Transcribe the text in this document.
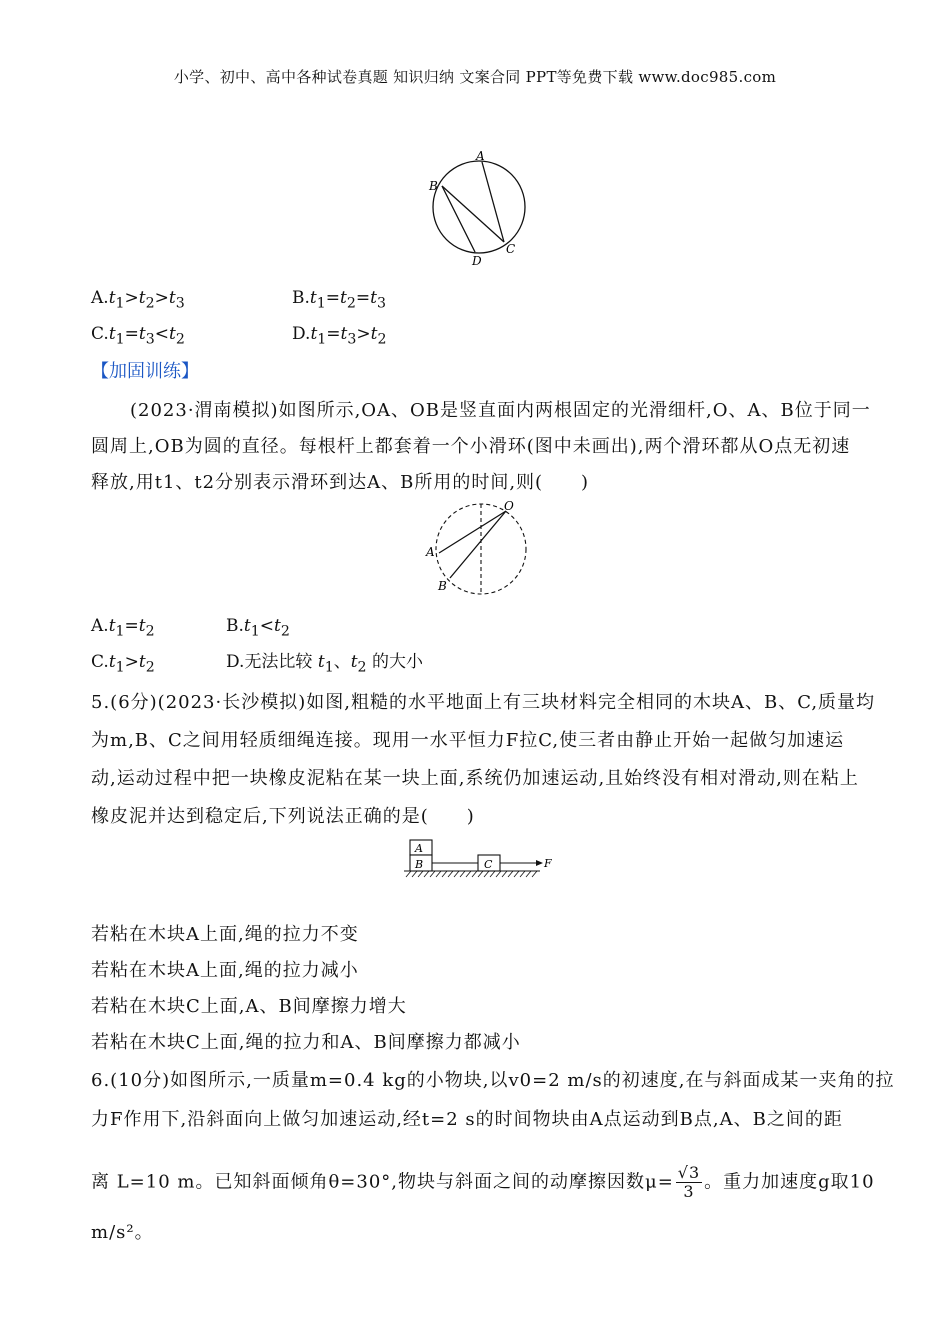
小学、初中、高中各种试卷真题 知识归纳 文案合同 PPT等免费下载 www.doc985.com
A
B
C
D
$A.t_1>t_2>t_3$	$B.t_1=t_2=t_3$
$C.t_1=t_3<t_2$	$D.t_1=t_3>t_2$
【加固训练】
(2023·渭南模拟)如图所示,OA、OB是竖直面内两根固定的光滑细杆,O、A、B位于同一
圆周上,OB为圆的直径。每根杆上都套着一个小滑环(图中未画出),两个滑环都从O点无初速
释放,用t1、t2分别表示滑环到达A、B所用的时间,则(　　)
O
A
B
$A.t_1=t_2$	$B.t_1<t_2$
$C.t_1>t_2$	D.无法比较 $t_1$、$t_2$ 的大小
5.(6分)(2023·长沙模拟)如图,粗糙的水平地面上有三块材料完全相同的木块A、B、C,质量均
为m,B、C之间用轻质细绳连接。现用一水平恒力F拉C,使三者由静止开始一起做匀加速运
动,运动过程中把一块橡皮泥粘在某一块上面,系统仍加速运动,且始终没有相对滑动,则在粘上
橡皮泥并达到稳定后,下列说法正确的是(　　)
A
B	C	F
若粘在木块A上面,绳的拉力不变
若粘在木块A上面,绳的拉力减小
若粘在木块C上面,A、B间摩擦力增大
若粘在木块C上面,绳的拉力和A、B间摩擦力都减小
6.(10分)如图所示,一质量m=0.4 kg的小物块,以v0=2 m/s的初速度,在与斜面成某一夹角的拉
力F作用下,沿斜面向上做匀加速运动,经t=2 s的时间物块由A点运动到B点,A、B之间的距
离 L=10 m。已知斜面倾角θ=30°,物块与斜面之间的动摩擦因数$\mu= \frac{√3}{3}$ 。重力加速度g取10
m/s²。
